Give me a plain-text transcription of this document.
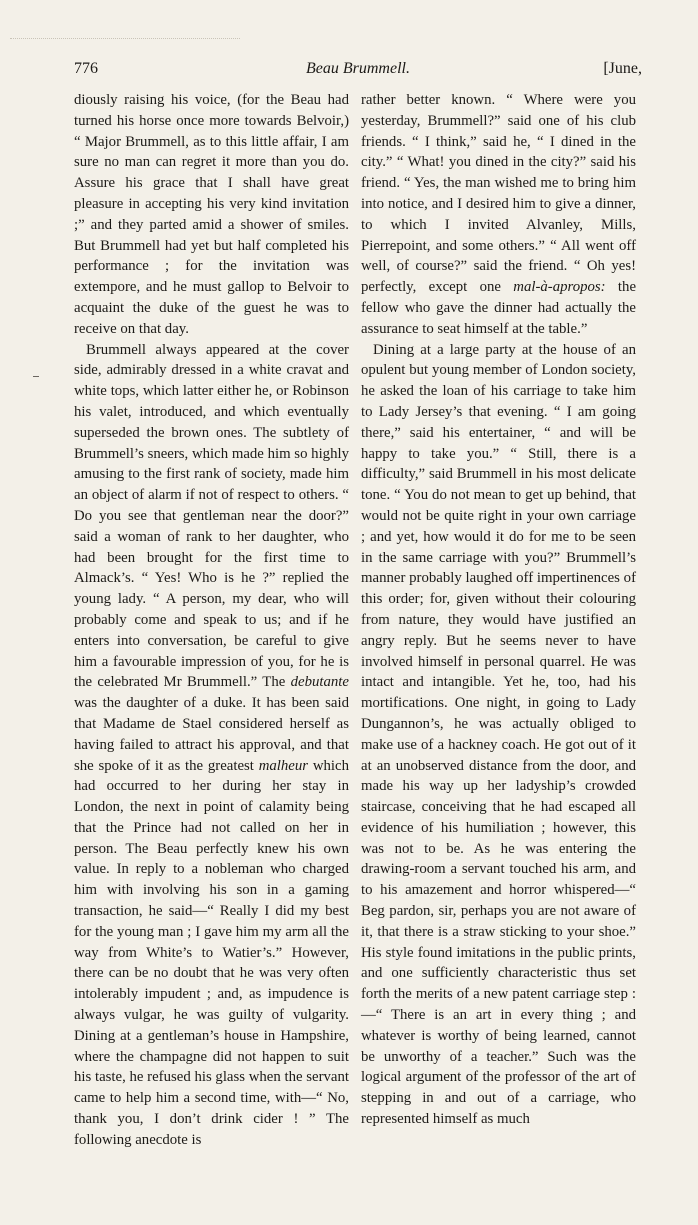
776	Beau Brummell.	[June,

diously raising his voice, (for the Beau had turned his horse once more towards Belvoir,) “ Major Brummell, as to this little affair, I am sure no man can regret it more than you do. Assure his grace that I shall have great pleasure in accepting his very kind invitation ;” and they parted amid a shower of smiles. But Brummell had yet but half completed his performance ; for the invitation was extempore, and he must gallop to Belvoir to acquaint the duke of the guest he was to receive on that day.

Brummell always appeared at the cover side, admirably dressed in a white cravat and white tops, which latter either he, or Robinson his valet, introduced, and which eventually superseded the brown ones. The subtlety of Brummell’s sneers, which made him so highly amusing to the first rank of society, made him an object of alarm if not of respect to others. “ Do you see that gentleman near the door?” said a woman of rank to her daughter, who had been brought for the first time to Almack’s. “ Yes! Who is he ?” replied the young lady. “ A person, my dear, who will probably come and speak to us; and if he enters into conversation, be careful to give him a favourable impression of you, for he is the celebrated Mr Brummell.” The debutante was the daughter of a duke. It has been said that Madame de Stael considered herself as having failed to attract his approval, and that she spoke of it as the greatest malheur which had occurred to her during her stay in London, the next in point of calamity being that the Prince had not called on her in person. The Beau perfectly knew his own value. In reply to a nobleman who charged him with involving his son in a gaming transaction, he said—“ Really I did my best for the young man ; I gave him my arm all the way from White’s to Watier’s.” However, there can be no doubt that he was very often intolerably impudent ; and, as impudence is always vulgar, he was guilty of vulgarity. Dining at a gentleman’s house in Hampshire, where the champagne did not happen to suit his taste, he refused his glass when the servant came to help him a second time, with—“ No, thank you, I don’t drink cider ! ” The following anecdote is

rather better known. “ Where were you yesterday, Brummell?” said one of his club friends. “ I think,” said he, “ I dined in the city.” “ What! you dined in the city?” said his friend. “ Yes, the man wished me to bring him into notice, and I desired him to give a dinner, to which I invited Alvanley, Mills, Pierrepoint, and some others.” “ All went off well, of course?” said the friend. “ Oh yes! perfectly, except one mal-à-apropos: the fellow who gave the dinner had actually the assurance to seat himself at the table.”

Dining at a large party at the house of an opulent but young member of London society, he asked the loan of his carriage to take him to Lady Jersey’s that evening. “ I am going there,” said his entertainer, “ and will be happy to take you.” “ Still, there is a difficulty,” said Brummell in his most delicate tone. “ You do not mean to get up behind, that would not be quite right in your own carriage ; and yet, how would it do for me to be seen in the same carriage with you?” Brummell’s manner probably laughed off impertinences of this order; for, given without their colouring from nature, they would have justified an angry reply. But he seems never to have involved himself in personal quarrel. He was intact and intangible. Yet he, too, had his mortifications. One night, in going to Lady Dungannon’s, he was actually obliged to make use of a hackney coach. He got out of it at an unobserved distance from the door, and made his way up her ladyship’s crowded staircase, conceiving that he had escaped all evidence of his humiliation ; however, this was not to be. As he was entering the drawing-room a servant touched his arm, and to his amazement and horror whispered—“ Beg pardon, sir, perhaps you are not aware of it, that there is a straw sticking to your shoe.” His style found imitations in the public prints, and one sufficiently characteristic thus set forth the merits of a new patent carriage step :—“ There is an art in every thing ; and whatever is worthy of being learned, cannot be unworthy of a teacher.” Such was the logical argument of the professor of the art of stepping in and out of a carriage, who represented himself as much
